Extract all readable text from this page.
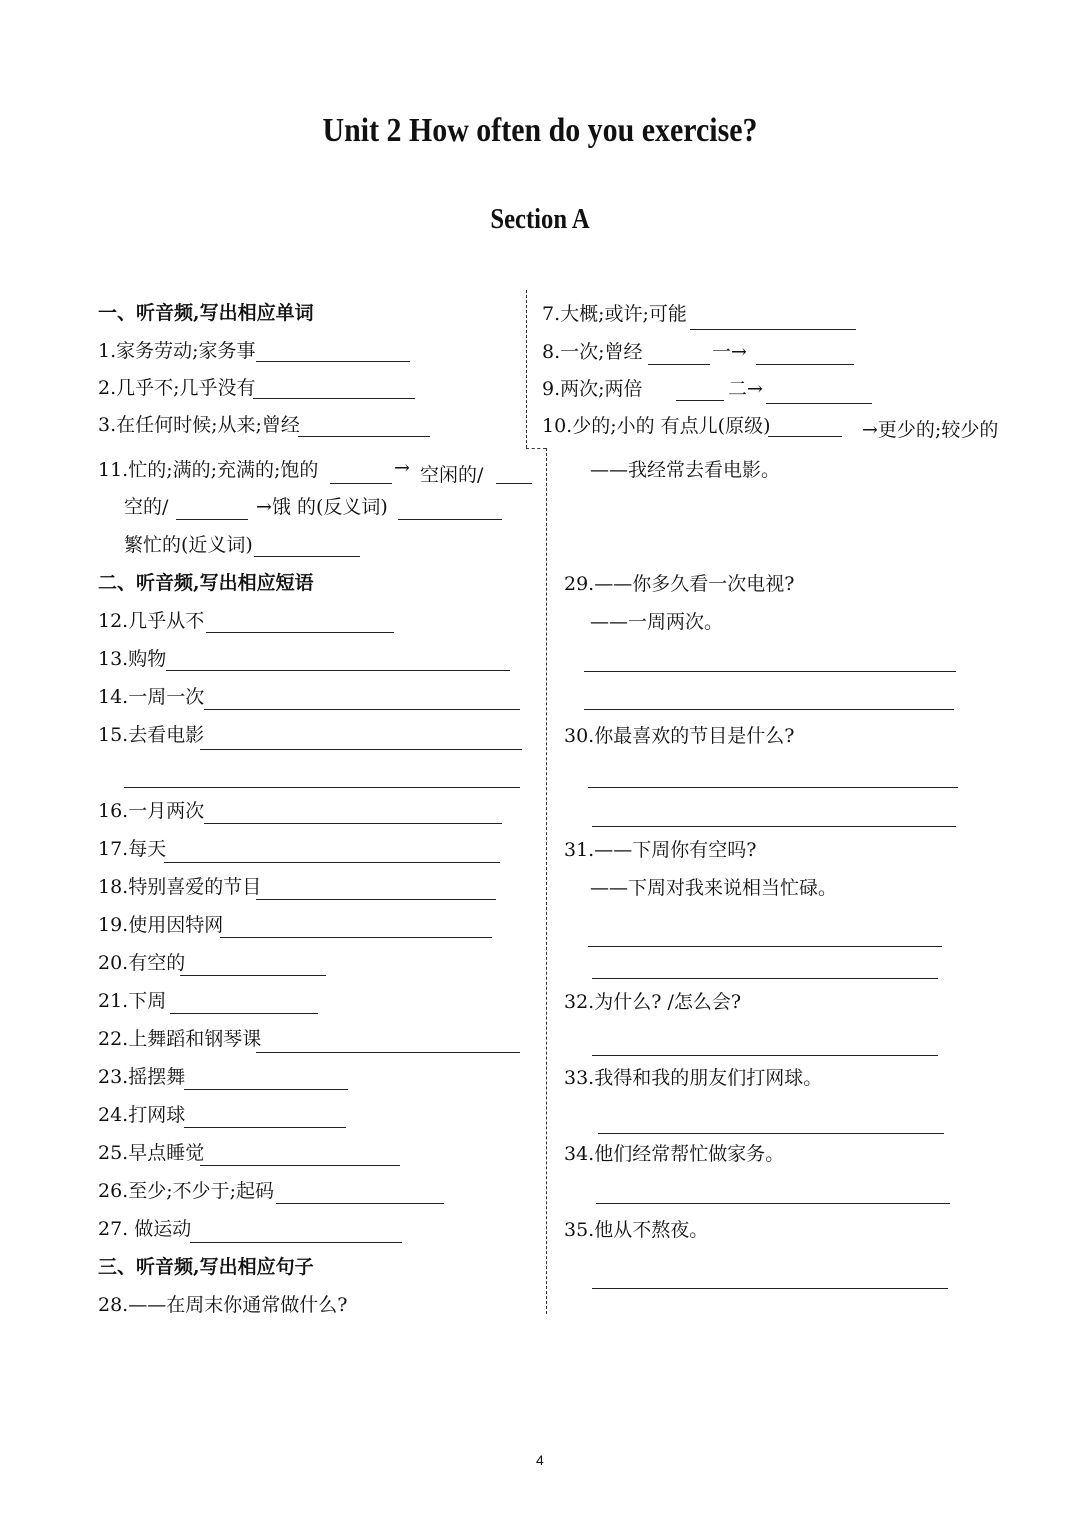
Unit 2 How often do you exercise?
Section A
一、听音频,写出相应单词
1.家务劳动;家务事
2.几乎不;几乎没有
3.在任何时候;从来;曾经
7.大概;或许;可能
8.一次;曾经	一→
9.两次;两倍	二→
10.少的;小的 有点儿(原级)	→更少的;较少的
11.忙的;满的;充满的;饱的	→ 空闲的/
空的/	→饿 的(反义词)
繁忙的(近义词)
二、听音频,写出相应短语
12.几乎从不
13.购物
14.一周一次
15.去看电影
16.一月两次
17.每天
18.特别喜爱的节目
19.使用因特网
20.有空的
21.下周
22.上舞蹈和钢琴课
23.摇摆舞
24.打网球
25.早点睡觉
26.至少;不少于;起码
27. 做运动
三、听音频,写出相应句子
28.——在周末你通常做什么?
——我经常去看电影。
29.——你多久看一次电视?
——一周两次。
30.你最喜欢的节目是什么?
31.——下周你有空吗?
——下周对我来说相当忙碌。
32.为什么? /怎么会?
33.我得和我的朋友们打网球。
34.他们经常帮忙做家务。
35.他从不熬夜。
4
